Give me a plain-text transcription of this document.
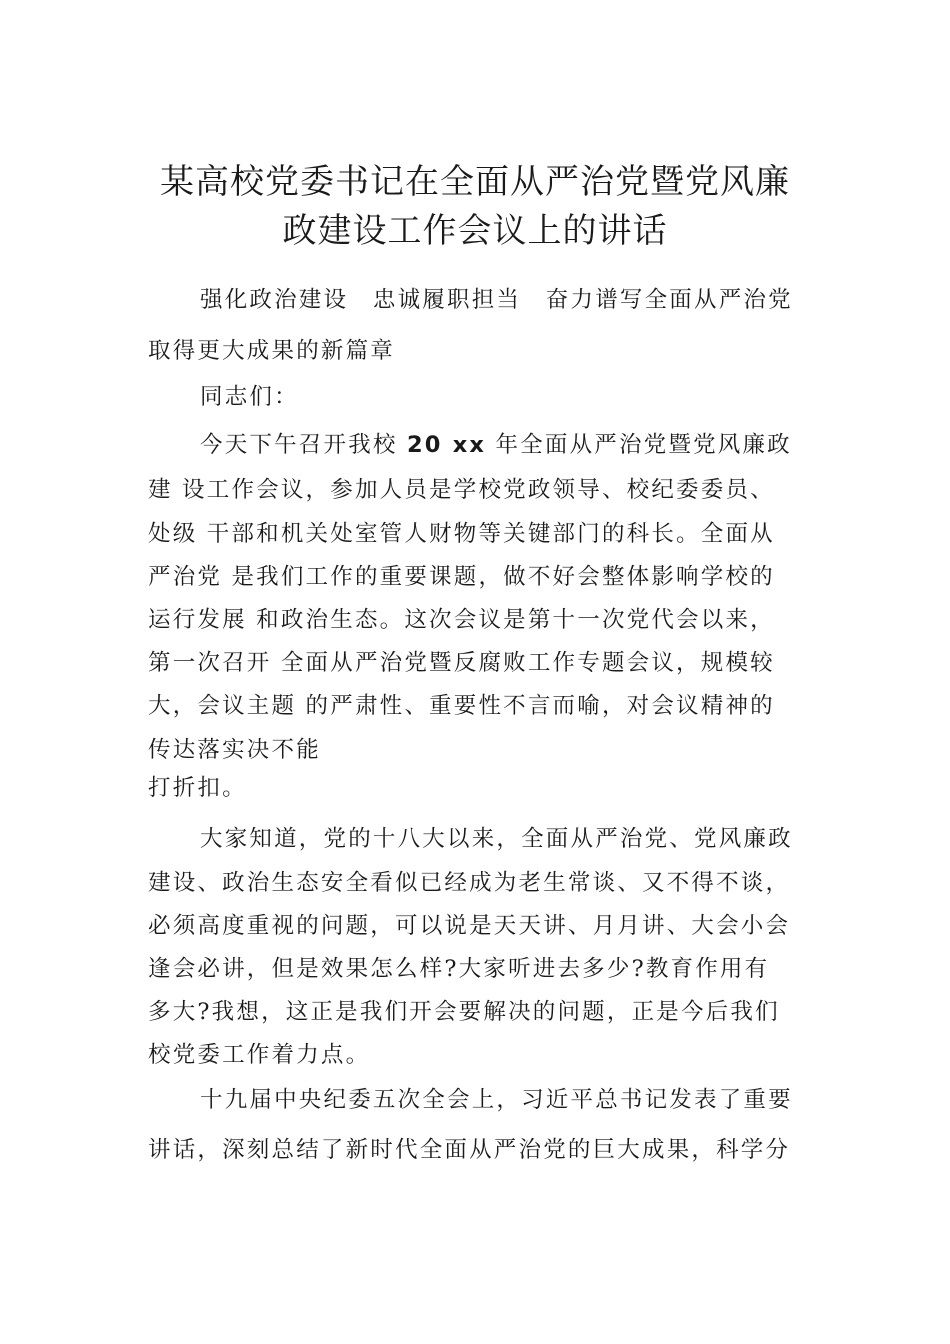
某高校党委书记在全面从严治党暨党风廉
政建设工作会议上的讲话
强化政治建设　忠诚履职担当　奋力谱写全面从严治党
取得更大成果的新篇章
同志们：
今天下午召开我校 20 xx 年全面从严治党暨党风廉政
建 设工作会议，参加人员是学校党政领导、校纪委委员、
处级 干部和机关处室管人财物等关键部门的科长。全面从
严治党 是我们工作的重要课题，做不好会整体影响学校的
运行发展 和政治生态。这次会议是第十一次党代会以来，
第一次召开 全面从严治党暨反腐败工作专题会议，规模较
大，会议主题 的严肃性、重要性不言而喻，对会议精神的
传达落实决不能
打折扣。
大家知道，党的十八大以来，全面从严治党、党风廉政
建设、政治生态安全看似已经成为老生常谈、又不得不谈，
必须高度重视的问题，可以说是天天讲、月月讲、大会小会
逢会必讲，但是效果怎么样?大家听进去多少?教育作用有
多大?我想，这正是我们开会要解决的问题，正是今后我们
校党委工作着力点。
十九届中央纪委五次全会上，习近平总书记发表了重要
讲话，深刻总结了新时代全面从严治党的巨大成果，科学分
